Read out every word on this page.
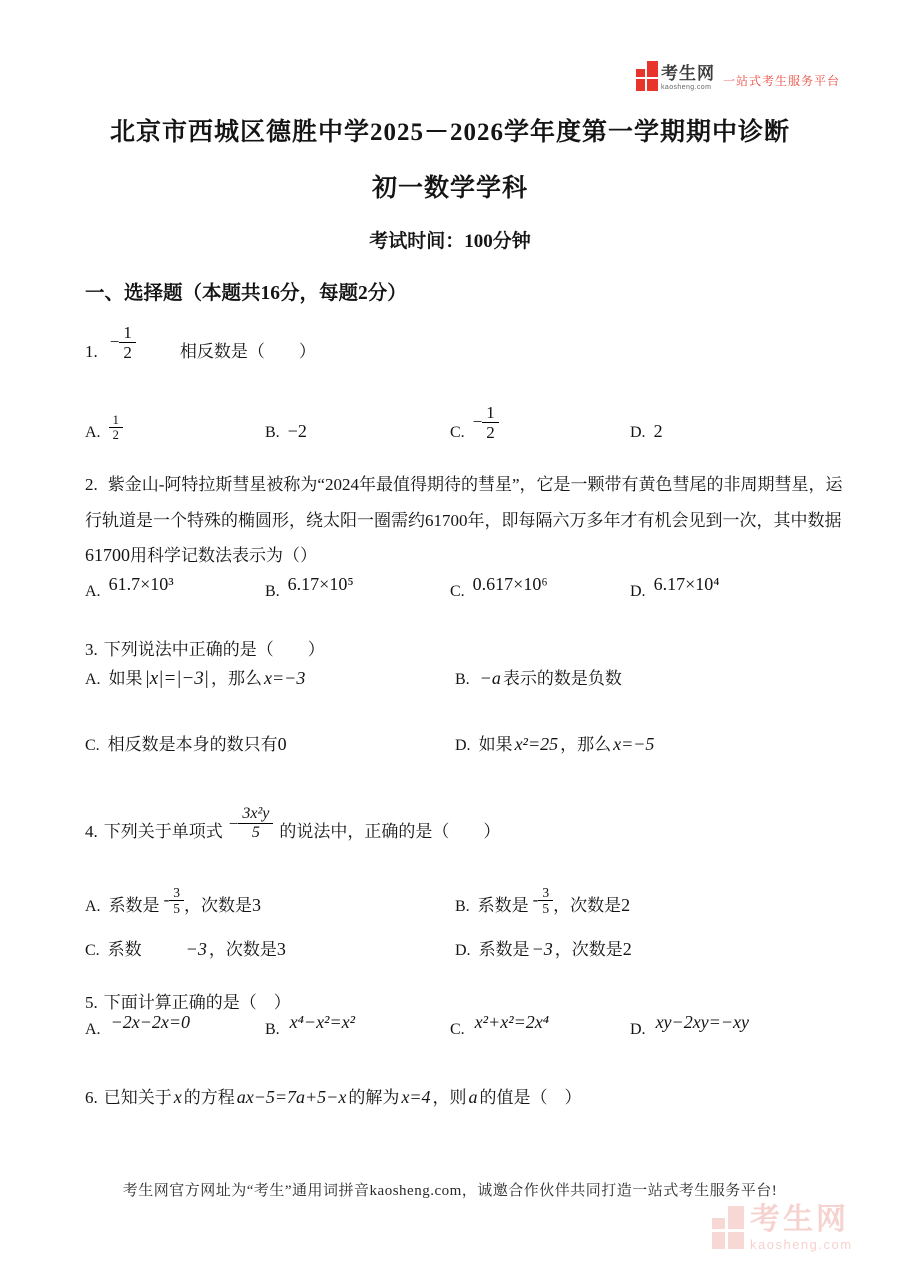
考生网
kaosheng.com 一站式考生服务平台
北京市西城区德胜中学2025－2026学年度第一学期期中诊断
初一数学学科
考试时间：100分钟
一、选择题（本题共16分，每题2分）
1.
− $\frac{1}{2}$	相反数是（　　）
A. $\frac{1}{2}$	B. −2	C.
− $\frac{1}{2}$	D. 2
2. 紫金山-阿特拉斯彗星被称为“2024年最值得期待的彗星”，它是一颗带有黄色彗尾的非周期彗星，运
行轨道是一个特殊的椭圆形，绕太阳一圈需约61700年，即每隔六万多年才有机会见到一次，其中数据
61700用科学记数法表示为（）
A. 61.7×10³	B. 6.17×10⁵	C. 0.617×10⁶	D. 6.17×10⁴
3. 下列说法中正确的是（　　）
A. 如果 |x|=|−3| ，那么 x=−3	B. −a 表示的数是负数
C. 相反数是本身的数只有 0	D. 如果 x²=25 ，那么 x=−5
4. 下列关于单项式 − $\frac{\text{3x²y}}{5}$ 的说法中，正确的是（　　）
A. 系数是 - $\frac{3}{5}$ ，次数是 3	B. 系数是 - $\frac{3}{5}$ ，次数是 2
C. 系数 −3 ，次数是 3	D. 系数是 −3 ，次数是 2
5. 下面计算正确的是（　）
A. −2x−2x=0	B. x⁴−x²=x²	C. x²+x²=2x⁴	D. xy−2xy=−xy
6. 已知关于 x 的方程 ax−5=7a+5−x 的解为 x=4 ，则 a 的值是（　）
考生网官方网址为“考生”通用词拼音kaosheng.com，诚邀合作伙伴共同打造一站式考生服务平台!
考生网
kaosheng.com
